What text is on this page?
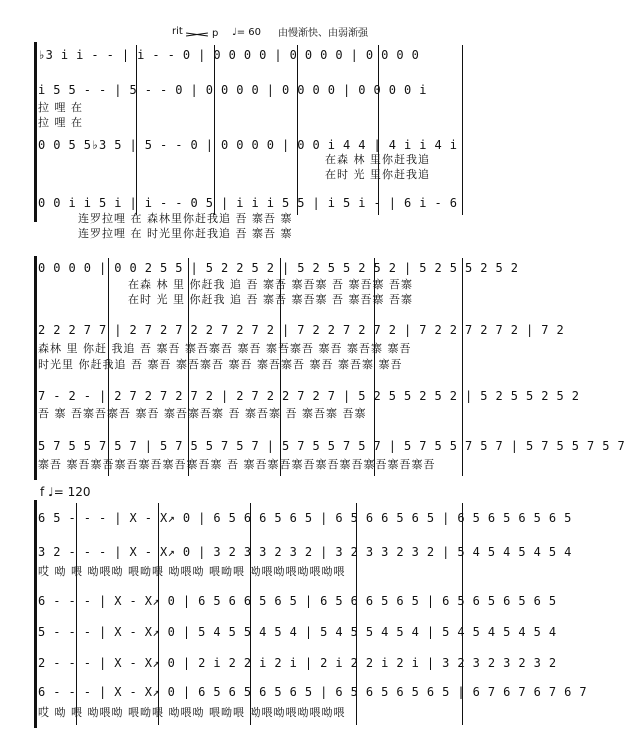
rit	p ♩= 60 由慢渐快、由弱渐强
♭3 i i - - | i - - 0 | 0 0 0 0 | 0 0 0 0 | 0 0 0 0
i 5 5 - - | 5 - - 0 | 0 0 0 0 | 0 0 0 0 | 0 0 0 0 i
拉 哩 在
拉 哩 在
0 0 5 5♭3 5 | 5 - - 0 | 0 0 0 0 | 0 0 i 4 4 | 4 i i 4 i
在森 林 里你赶我追
在时 光 里你赶我追
0 0 i i 5 i | i - - 0 5 | i i i 5 5 | i 5 i - | 6 i - 6
连罗拉哩 在 森林里你赶我追 吾 寨吾 寨
连罗拉哩 在 时光里你赶我追 吾 寨吾 寨
0 0 0 0 | 0 0 2 5 5 | 5 2 2 5 2 | 5 2 5 5 2 5 2 | 5 2 5 5 2 5 2
在森 林 里 你赶我 追 吾 寨吾 寨吾寨 吾 寨吾寨 吾寨
在时 光 里 你赶我 追 吾 寨吾 寨吾寨 吾 寨吾寨 吾寨
2 2 2 7 7 | 2 7 2 7 2 2 7 2 7 2 | 7 2 2 7 2 7 2 | 7 2 2 7 2 7 2 | 7 2
森林 里 你赶 我追 吾 寨吾 寨吾寨吾 寨吾 寨吾寨吾 寨吾 寨吾寨 寨吾
时光里 你赶我追 吾 寨吾 寨吾寨吾 寨吾 寨吾寨吾 寨吾 寨吾寨 寨吾
7 - 2 - | 2 7 2 7 2 7 2 | 2 7 2 2 7 2 7 | 5 2 5 5 2 5 2 | 5 2 5 5 2 5 2
吾 寨 吾寨吾寨吾 寨吾 寨吾寨吾寨 吾 寨吾寨 吾 寨吾寨 吾寨
5 7 5 5 7 5 7 | 5 7 5 5 7 5 7 | 5 7 5 5 7 5 7 | 5 7 5 5 7 5 7 | 5 7 5 5 7 5 7
寨吾 寨吾寨吾寨吾寨吾寨吾寨吾寨 吾 寨吾寨吾寨吾寨吾寨吾寨吾寨吾寨吾
f ♩= 120
6 5 - - - | X - X↗ 0 | 6 5 6 6 5 6 5 | 6 5 6 6 5 6 5 | 6 5 6 5 6 5 6 5
3 2 - - - | X - X↗ 0 | 3 2 3 3 2 3 2 | 3 2 3 3 2 3 2 | 5 4 5 4 5 4 5 4
哎 呦 喂 呦喂呦 喂呦喂 呦喂呦 喂呦喂 呦喂呦喂呦喂呦喂
6 - - - | X - X↗ 0 | 6 5 6 6 5 6 5 | 6 5 6 6 5 6 5 | 6 5 6 5 6 5 6 5
5 - - - | X - X↗ 0 | 5 4 5 5 4 5 4 | 5 4 5 5 4 5 4 | 5 4 5 4 5 4 5 4
2 - - - | X - X↗ 0 | 2 i 2 2 i 2 i | 2 i 2 2 i 2 i | 3 2 3 2 3 2 3 2
6 - - - | X - X↗ 0 | 6 5 6 5 6 5 6 5 | 6 5 6 5 6 5 6 5 | 6 7 6 7 6 7 6 7
哎 呦 喂 呦喂呦 喂呦喂 呦喂呦 喂呦喂 呦喂呦喂呦喂呦喂
